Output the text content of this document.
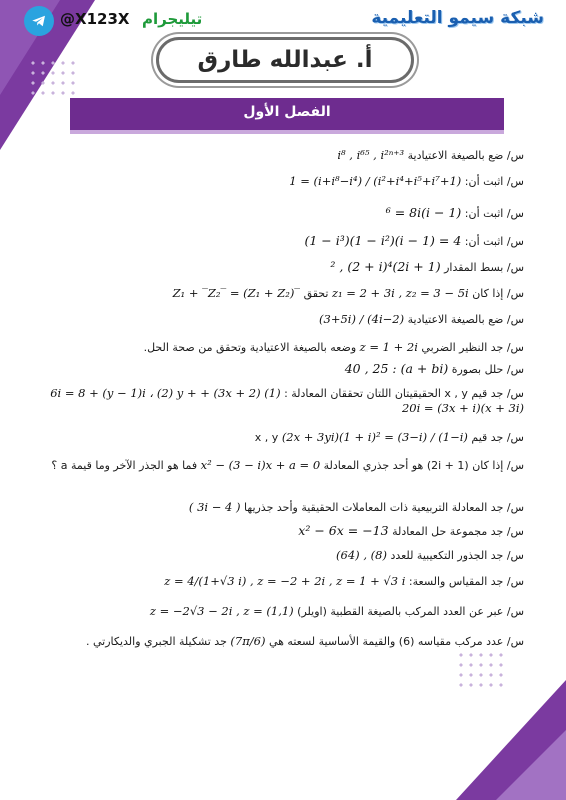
@X123X تيليجرام	شبكة سيمو التعليمية
أ. عبدالله طارق
الفصل الأول
س/ ضع بالصيغة الاعتيادية i⁸ , i⁶⁵ , i²ⁿ⁺³
س/ اثبت أن: (1+i²+i⁴+i⁵+i⁷) / (i+i⁸−i⁴) = 1
س/ اثبت أن: (1 − i)⁶ = 8i
س/ اثبت أن: 4 = (1 − i)(1 − i²)(1 − i³)
س/ بسط المقدار (1 + 2i)² , (2 + i)⁴
س/ إذا كان z₁ = 2 + 3i , z₂ = 3 − 5i تحقق ‾(Z₁ + Z₂) = ‾Z₁ + ‾Z₂
س/ ضع بالصيغة الاعتيادية (2−4i) / (3+5i)
س/ جد النظير الضربي z = 1 + 2i وضعه بالصيغة الاعتيادية وتحقق من صحة الحل.
س/ حلل بصورة (a + bi) : 40 , 25
س/ جد قيم x , y الحقيقيتان اللتان تحققان المعادلة : (1) (3x + 2) + 6i = 8 + (y − 1)i ، (2) y + 20i = (3x + i)(x + 3i)
س/ جد قيم x , y (2x + 3yi)(1 + i)² = (3−i) / (1−i)
س/ إذا كان (1 + 2i) هو أحد جذري المعادلة x² − (3 − i)x + a = 0 فما هو الجذر الآخر وما قيمة a ؟
س/ جد المعادلة التربيعية ذات المعاملات الحقيقية وأحد جذريها ( 4 − 3i )
س/ جد مجموعة حل المعادلة x² − 6x = −13
س/ جد الجذور التكعيبية للعدد (8) , (64)
س/ جد المقياس والسعة: z = 4/(1+√3 i) , z = −2 + 2i , z = 1 + √3 i
س/ عبر عن العدد المركب بالصيغة القطبية (اويلر) z = −2√3 − 2i , z = (1,1)
س/ عدد مركب مقياسه (6) والقيمة الأساسية لسعته هي (7π/6) جد تشكيلة الجبري والديكارتي .
